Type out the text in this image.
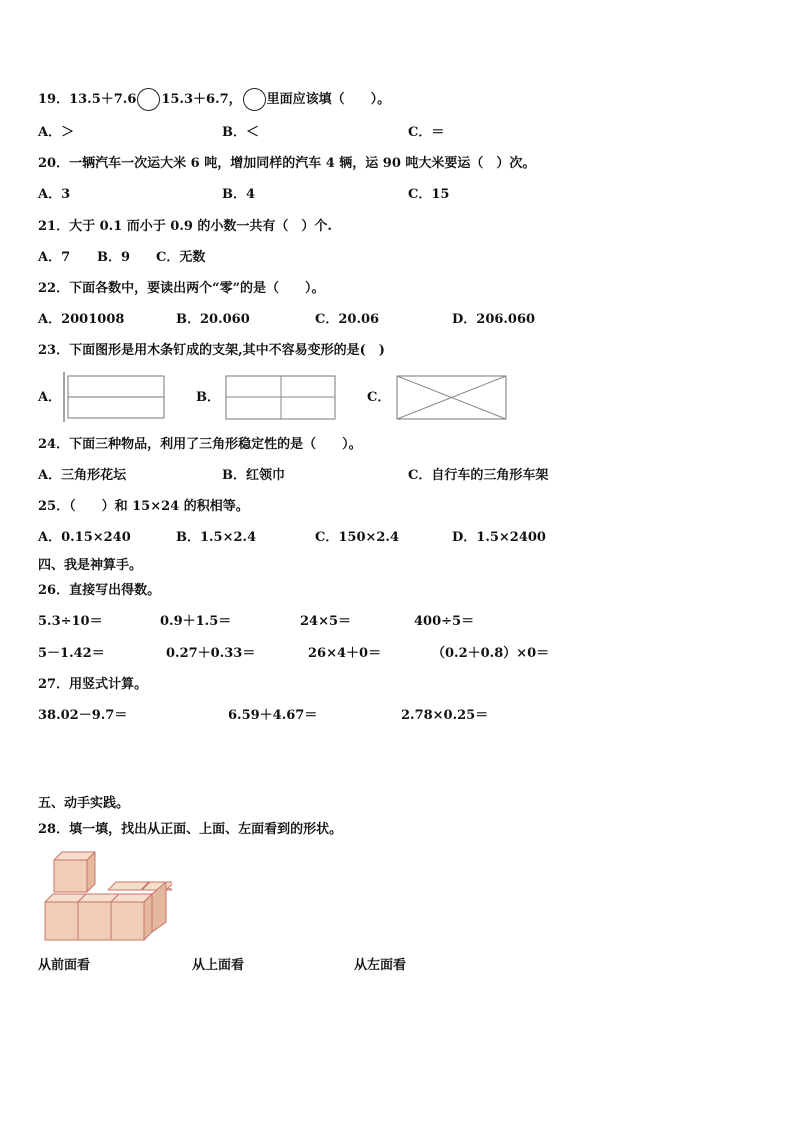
19．13.5＋7.6 15.3＋6.7， 里面应该填（　　）。
A．＞	B．＜	C．＝
20．一辆汽车一次运大米 6 吨，增加同样的汽车 4 辆，运 90 吨大米要运（　）次。
A．3	B．4	C．15
21．大于 0.1 而小于 0.9 的小数一共有（　）个.
A．7 B．9 C．无数
22．下面各数中，要读出两个“零”的是（　　）。
A．2001008	B．20.060	C．20.06	D．206.060
23．下面图形是用木条钉成的支架,其中不容易变形的是(　)
A．	B．	C．
24．下面三种物品，利用了三角形稳定性的是（　　）。
A．三角形花坛	B．红领巾	C．自行车的三角形车架
25．（　　）和 15×24 的积相等。
A．0.15×240	B．1.5×2.4	C．150×2.4	D．1.5×2400
四、我是神算手。
26．直接写出得数。
5.3÷10＝	0.9＋1.5＝	24×5＝	400÷5＝
5－1.42＝	0.27＋0.33＝	26×4＋0＝	（0.2＋0.8）×0＝
27．用竖式计算。
38.02－9.7＝	6.59＋4.67＝	2.78×0.25＝
五、动手实践。
28．填一填，找出从正面、上面、左面看到的形状。
从前面看	从上面看	从左面看
